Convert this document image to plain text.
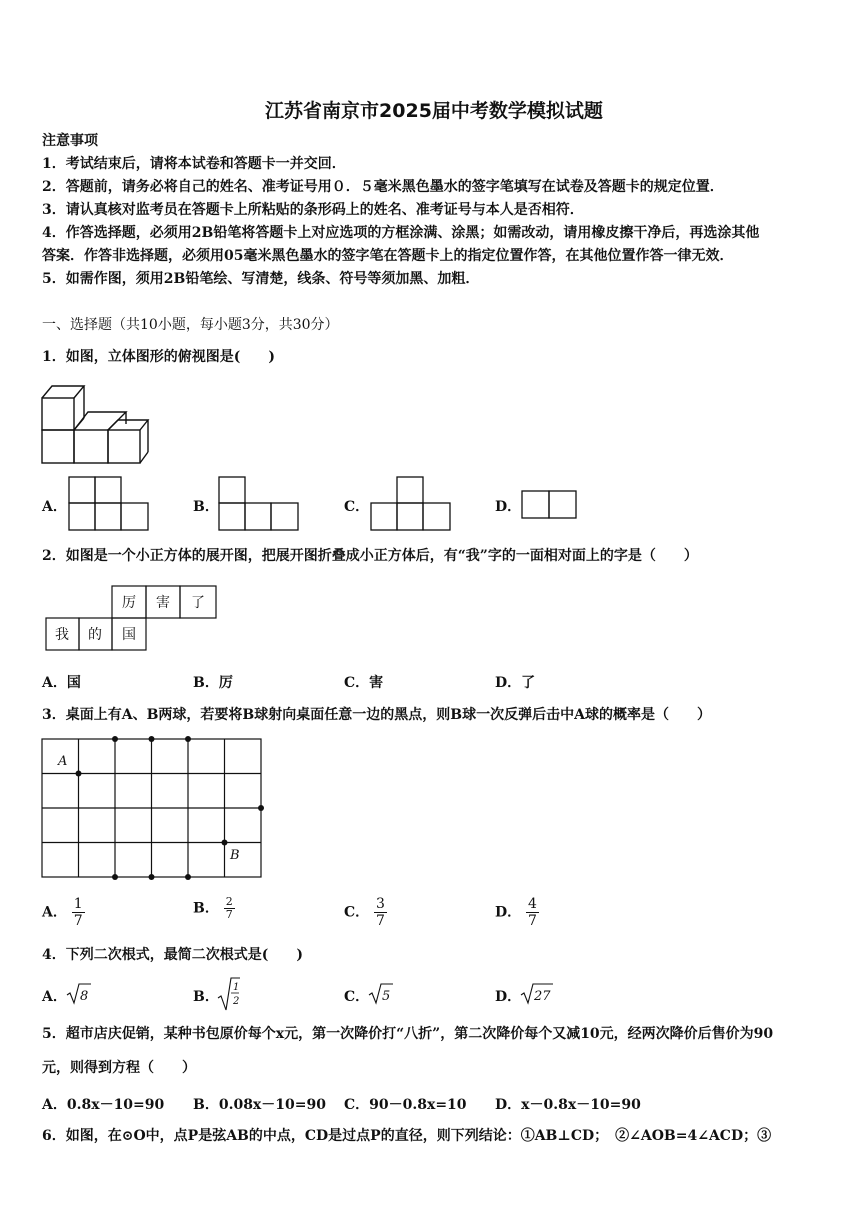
江苏省南京市2025届中考数学模拟试题
注意事项
1．考试结束后，请将本试卷和答题卡一并交回．
2．答题前，请务必将自己的姓名、准考证号用０．５毫米黑色墨水的签字笔填写在试卷及答题卡的规定位置．
3．请认真核对监考员在答题卡上所粘贴的条形码上的姓名、准考证号与本人是否相符．
4．作答选择题，必须用2B铅笔将答题卡上对应选项的方框涂满、涂黑；如需改动，请用橡皮擦干净后，再选涂其他
答案．作答非选择题，必须用05毫米黑色墨水的签字笔在答题卡上的指定位置作答，在其他位置作答一律无效．
5．如需作图，须用2B铅笔绘、写清楚，线条、符号等须加黑、加粗．
一、选择题（共10小题，每小题3分，共30分）
1．如图，立体图形的俯视图是(　　)
A．	B．	C．	D．
2．如图是一个小正方体的展开图，把展开图折叠成小正方体后，有“我”字的一面相对面上的字是（　　）
厉 害 了
我 的 国
A．国	B．厉	C．害	D．了
3．桌面上有A、B两球，若要将B球射向桌面任意一边的黑点，则B球一次反弹后击中A球的概率是（　　）
A
B
A． $\frac{1}{7}$	B． $\frac{2}{7}$	C． $\frac{3}{7}$	D． $\frac{4}{7}$
4．下列二次根式，最简二次根式是(　　)
A． 8	B．
1
2	C． 5	D． 27
5．超市店庆促销，某种书包原价每个x元，第一次降价打“八折”，第二次降价每个又减10元，经两次降价后售价为90
元，则得到方程（　　）
A．0.8x－10=90 B．0.08x－10=90 C．90－0.8x=10 D．x－0.8x－10=90
6．如图，在⊙O中，点P是弦AB的中点，CD是过点P的直径，则下列结论：①AB⊥CD；　②∠AOB=4∠ACD；③
